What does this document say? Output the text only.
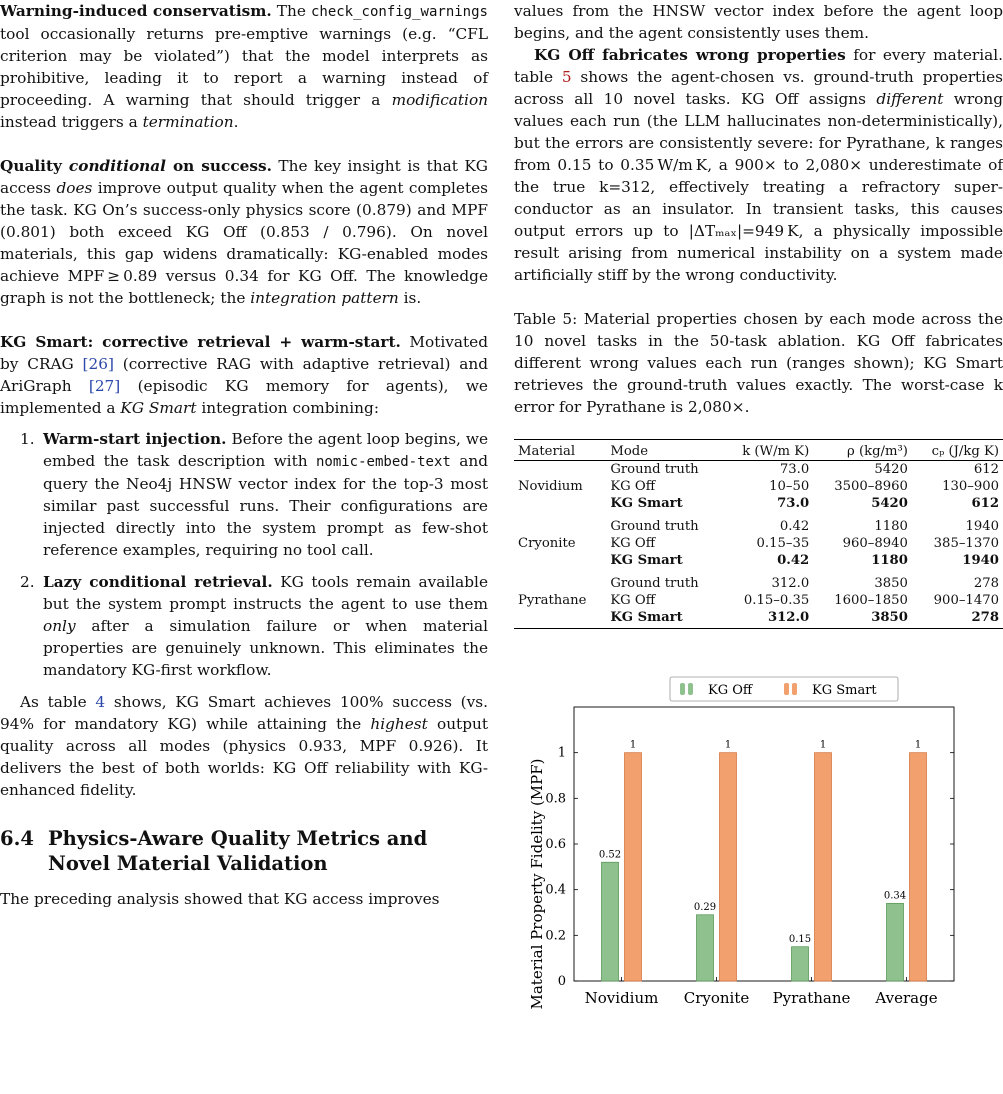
Warning-induced conservatism. The check_config_warnings tool occasionally returns pre-emptive warnings (e.g. “CFL criterion may be violated”) that the model interprets as prohibitive, leading it to report a warning instead of proceeding. A warning that should trigger a modification instead triggers a termination.

Quality conditional on success. The key insight is that KG access does improve output quality when the agent completes the task. KG On’s success-only physics score (0.879) and MPF (0.801) both exceed KG Off (0.853 / 0.796). On novel materials, this gap widens dramatically: KG-enabled modes achieve MPF ≥ 0.89 versus 0.34 for KG Off. The knowledge graph is not the bottleneck; the integration pattern is.

KG Smart: corrective retrieval + warm-start. Motivated by CRAG [26] (corrective RAG with adaptive retrieval) and AriGraph [27] (episodic KG memory for agents), we implemented a KG Smart integration combining:

1. Warm-start injection. Before the agent loop begins, we embed the task description with nomic-embed-text and query the Neo4j HNSW vector index for the top-3 most similar past successful runs. Their configurations are injected directly into the system prompt as few-shot reference examples, requiring no tool call.
2. Lazy conditional retrieval. KG tools remain available but the system prompt instructs the agent to use them only after a simulation failure or when material properties are genuinely unknown. This eliminates the mandatory KG-first workflow.

As table 4 shows, KG Smart achieves 100% success (vs. 94% for mandatory KG) while attaining the highest output quality across all modes (physics 0.933, MPF 0.926). It delivers the best of both worlds: KG Off reliability with KG-enhanced fidelity.

6.4 Physics-Aware Quality Metrics and Novel Material Validation

The preceding analysis showed that KG access improves

values from the HNSW vector index before the agent loop begins, and the agent consistently uses them.

KG Off fabricates wrong properties for every material. table 5 shows the agent-chosen vs. ground-truth properties across all 10 novel tasks. KG Off assigns different wrong values each run (the LLM hallucinates non-deterministically), but the errors are consistently severe: for Pyrathane, k ranges from 0.15 to 0.35 W/m K, a 900× to 2,080× underestimate of the true k=312, effectively treating a refractory super-conductor as an insulator. In transient tasks, this causes output errors up to |ΔTₘₐₓ|=949 K, a physically impossible result arising from numerical instability on a system made artificially stiff by the wrong conductivity.

Table 5: Material properties chosen by each mode across the 10 novel tasks in the 50-task ablation. KG Off fabricates different wrong values each run (ranges shown); KG Smart retrieves the ground-truth values exactly. The worst-case k error for Pyrathane is 2,080×.

Material	Mode	k (W/m K)	ρ (kg/m³)	cₚ (J/kg K)
	Ground truth	73.0	5420	612
Novidium	KG Off	10–50	3500–8960	130–900
	KG Smart	73.0	5420	612
	Ground truth	0.42	1180	1940
Cryonite	KG Off	0.15–35	960–8940	385–1370
	KG Smart	0.42	1180	1940
	Ground truth	312.0	3850	278
Pyrathane	KG Off	0.15–0.35	1600–1850	900–1470
	KG Smart	312.0	3850	278
0
0.2
0.4
0.6
0.8
1
Novidium
0.52
1
Cryonite
0.29
1
Pyrathane
0.15
1
Average
0.34
1
KG Off	KG Smart
Material Property Fidelity (MPF)
